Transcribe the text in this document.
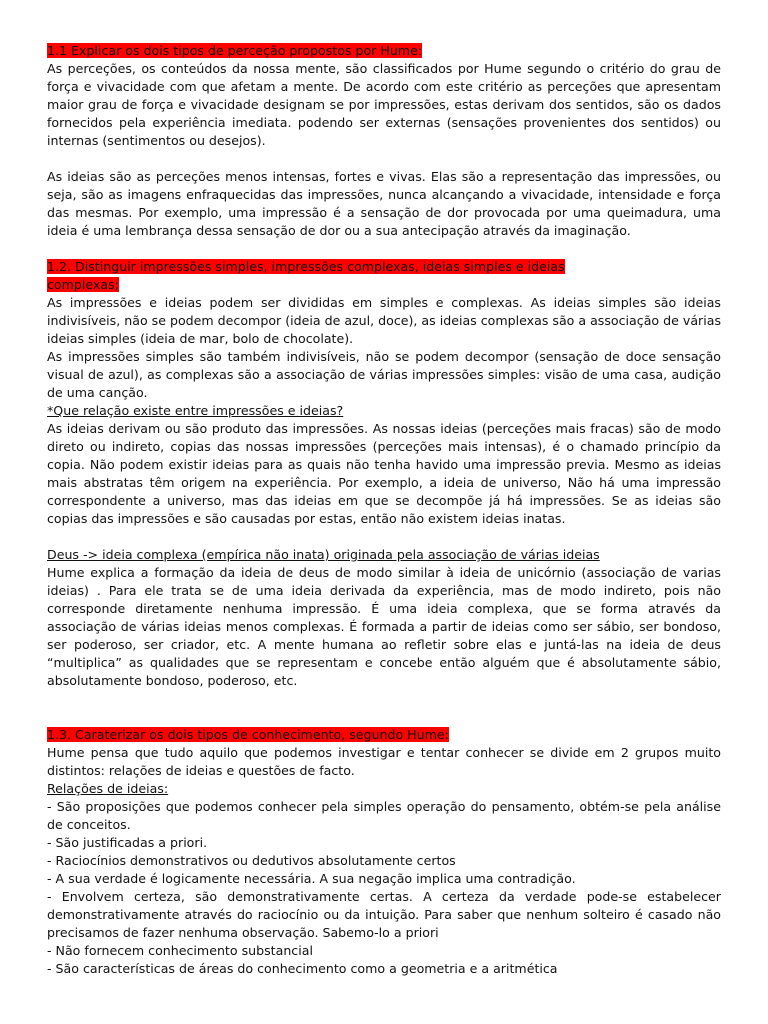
1.1 Explicar os dois tipos de perceção propostos por Hume:

As perceções, os conteúdos da nossa mente, são classificados por Hume segundo o critério do grau de força e vivacidade com que afetam a mente. De acordo com este critério as perceções que apresentam maior grau de força e vivacidade designam se por impressões, estas derivam dos sentidos, são os dados fornecidos pela experiência imediata. podendo ser externas (sensações provenientes dos sentidos) ou internas (sentimentos ou desejos).

As ideias são as perceções menos intensas, fortes e vivas. Elas são a representação das impressões, ou seja, são as imagens enfraquecidas das impressões, nunca alcançando a vivacidade, intensidade e força das mesmas. Por exemplo, uma impressão é a sensação de dor provocada por uma queimadura, uma ideia é uma lembrança dessa sensação de dor ou a sua antecipação através da imaginação.

1.2. Distinguir impressões simples, impressões complexas, ideias simples e ideias
complexas;

As impressões e ideias podem ser divididas em simples e complexas. As ideias simples são ideias indivisíveis, não se podem decompor (ideia de azul, doce), as ideias complexas são a associação de várias ideias simples (ideia de mar, bolo de chocolate).

As impressões simples são também indivisíveis, não se podem decompor (sensação de doce sensação visual de azul), as complexas são a associação de várias impressões simples: visão de uma casa, audição de uma canção.

*Que relação existe entre impressões e ideias?

As ideias derivam ou são produto das impressões. As nossas ideias (perceções mais fracas) são de modo direto ou indireto, copias das nossas impressões (perceções mais intensas), é o chamado princípio da copia. Não podem existir ideias para as quais não tenha havido uma impressão previa. Mesmo as ideias mais abstratas têm origem na experiência. Por exemplo, a ideia de universo, Não há uma impressão correspondente a universo, mas das ideias em que se decompõe já há impressões. Se as ideias são copias das impressões e são causadas por estas, então não existem ideias inatas.

Deus -> ideia complexa (empírica não inata) originada pela associação de várias ideias

Hume explica a formação da ideia de deus de modo similar à ideia de unicórnio (associação de varias ideias) . Para ele trata se de uma ideia derivada da experiência, mas de modo indireto, pois não corresponde diretamente nenhuma impressão. É uma ideia complexa, que se forma através da associação de várias ideias menos complexas. É formada a partir de ideias como ser sábio, ser bondoso, ser poderoso, ser criador, etc. A mente humana ao refletir sobre elas e juntá-las na ideia de deus “multiplica” as qualidades que se representam e concebe então alguém que é absolutamente sábio, absolutamente bondoso, poderoso, etc.

1.3. Caraterizar os dois tipos de conhecimento, segundo Hume:

Hume pensa que tudo aquilo que podemos investigar e tentar conhecer se divide em 2 grupos muito distintos: relações de ideias e questões de facto.

Relações de ideias:

- São proposições que podemos conhecer pela simples operação do pensamento, obtém-se pela análise de conceitos.

- São justificadas a priori.

- Raciocínios demonstrativos ou dedutivos absolutamente certos

- A sua verdade é logicamente necessária. A sua negação implica uma contradição.

- Envolvem certeza, são demonstrativamente certas. A certeza da verdade pode-se estabelecer demonstrativamente através do raciocínio ou da intuição. Para saber que nenhum solteiro é casado não precisamos de fazer nenhuma observação. Sabemo-lo a priori

- Não fornecem conhecimento substancial

- São características de áreas do conhecimento como a geometria e a aritmética
